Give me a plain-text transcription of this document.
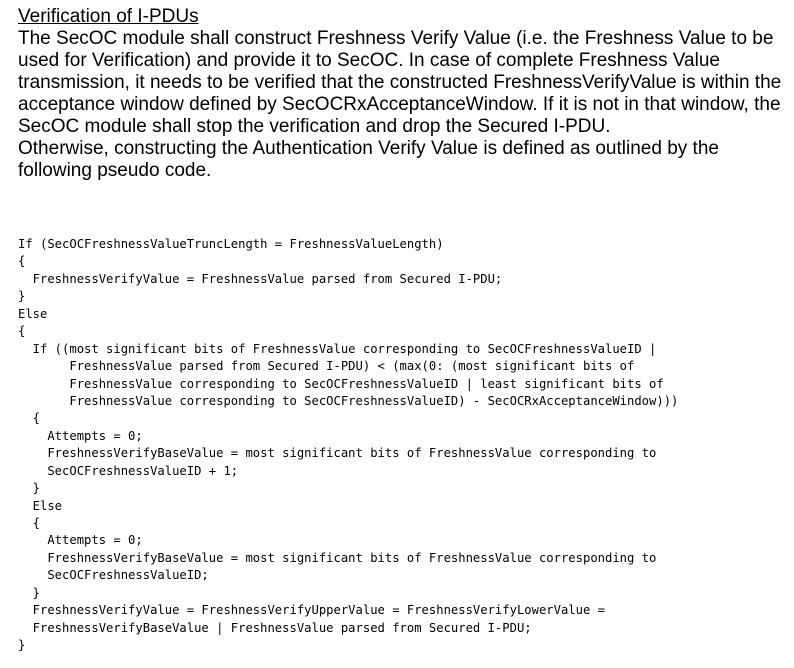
Verification of I-PDUs

The SecOC module shall construct Freshness Verify Value (i.e. the Freshness Value to be used for Verification) and provide it to SecOC. In case of complete Freshness Value transmission, it needs to be verified that the constructed FreshnessVerifyValue is within the acceptance window defined by SecOCRxAcceptanceWindow. If it is not in that window, the SecOC module shall stop the verification and drop the Secured I-PDU.

Otherwise, constructing the Authentication Verify Value is defined as outlined by the following pseudo code.

If (SecOCFreshnessValueTruncLength = FreshnessValueLength)
{
FreshnessVerifyValue = FreshnessValue parsed from Secured I-PDU;
}
Else
{
If ((most significant bits of FreshnessValue corresponding to SecOCFreshnessValueID |
FreshnessValue parsed from Secured I-PDU) < (max(0: (most significant bits of
FreshnessValue corresponding to SecOCFreshnessValueID | least significant bits of
FreshnessValue corresponding to SecOCFreshnessValueID) - SecOCRxAcceptanceWindow)))
{
Attempts = 0;
FreshnessVerifyBaseValue = most significant bits of FreshnessValue corresponding to
SecOCFreshnessValueID + 1;
}
Else
{
Attempts = 0;
FreshnessVerifyBaseValue = most significant bits of FreshnessValue corresponding to
SecOCFreshnessValueID;
}
FreshnessVerifyValue = FreshnessVerifyUpperValue = FreshnessVerifyLowerValue =
FreshnessVerifyBaseValue | FreshnessValue parsed from Secured I-PDU;
}
